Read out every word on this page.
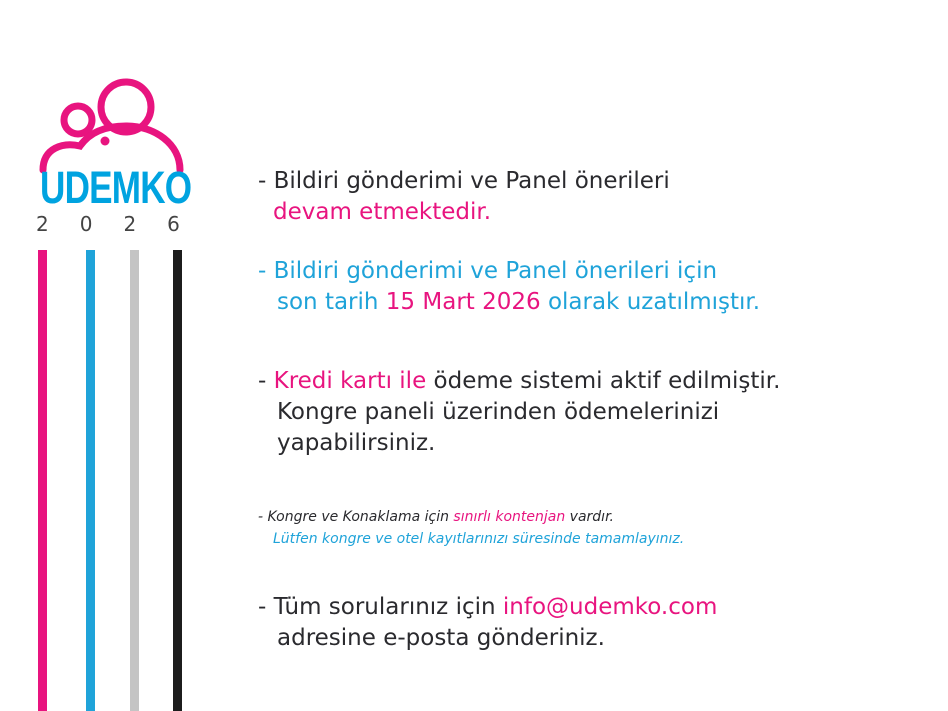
UDEMKO
2026
- Bildiri gönderimi ve Panel önerileri
devam etmektedir.
- Bildiri gönderimi ve Panel önerileri için
son tarih 15 Mart 2026 olarak uzatılmıştır.
- Kredi kartı ile ödeme sistemi aktif edilmiştir.
Kongre paneli üzerinden ödemelerinizi
yapabilirsiniz.
- Kongre ve Konaklama için sınırlı kontenjan vardır.
Lütfen kongre ve otel kayıtlarınızı süresinde tamamlayınız.
- Tüm sorularınız için info@udemko.com
adresine e-posta gönderiniz.
